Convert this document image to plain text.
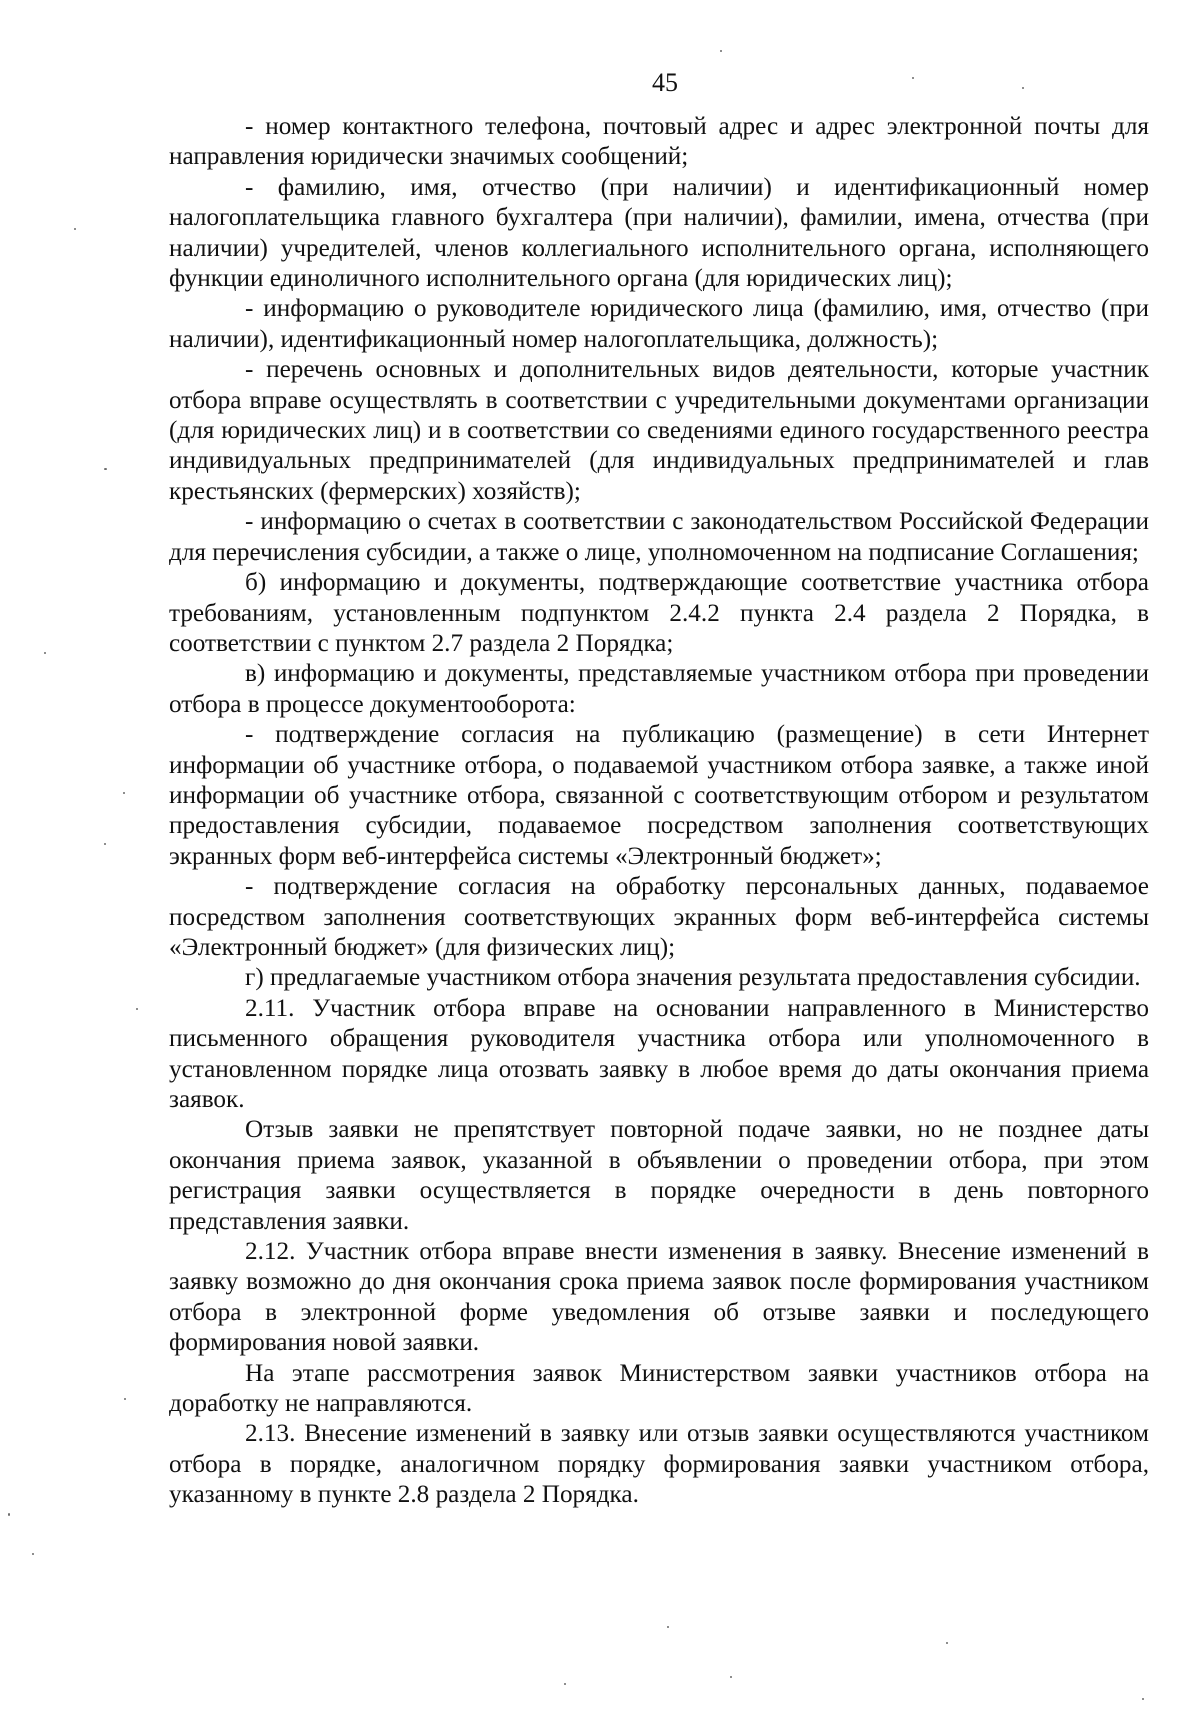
45

- номер контактного телефона, почтовый адрес и адрес электронной почты для направления юридически значимых сообщений;

- фамилию, имя, отчество (при наличии) и идентификационный номер налогоплательщика главного бухгалтера (при наличии), фамилии, имена, отчества (при наличии) учредителей, членов коллегиального исполнительного органа, исполняющего функции единоличного исполнительного органа (для юридических лиц);

- информацию о руководителе юридического лица (фамилию, имя, отчество (при наличии), идентификационный номер налогоплательщика, должность);

- перечень основных и дополнительных видов деятельности, которые участник отбора вправе осуществлять в соответствии с учредительными документами организации (для юридических лиц) и в соответствии со сведениями единого государственного реестра индивидуальных предпринимателей (для индивидуальных предпринимателей и глав крестьянских (фермерских) хозяйств);

- информацию о счетах в соответствии с законодательством Российской Федерации для перечисления субсидии, а также о лице, уполномоченном на подписание Соглашения;

б) информацию и документы, подтверждающие соответствие участника отбора требованиям, установленным подпунктом 2.4.2 пункта 2.4 раздела 2 Порядка, в соответствии с пунктом 2.7 раздела 2 Порядка;

в) информацию и документы, представляемые участником отбора при проведении отбора в процессе документооборота:

- подтверждение согласия на публикацию (размещение) в сети Интернет информации об участнике отбора, о подаваемой участником отбора заявке, а также иной информации об участнике отбора, связанной с соответствующим отбором и результатом предоставления субсидии, подаваемое посредством заполнения соответствующих экранных форм веб-интерфейса системы «Электронный бюджет»;

- подтверждение согласия на обработку персональных данных, подаваемое посредством заполнения соответствующих экранных форм веб-интерфейса системы «Электронный бюджет» (для физических лиц);

г) предлагаемые участником отбора значения результата предоставления субсидии.

2.11. Участник отбора вправе на основании направленного в Министерство письменного обращения руководителя участника отбора или уполномоченного в установленном порядке лица отозвать заявку в любое время до даты окончания приема заявок.

Отзыв заявки не препятствует повторной подаче заявки, но не позднее даты окончания приема заявок, указанной в объявлении о проведении отбора, при этом регистрация заявки осуществляется в порядке очередности в день повторного представления заявки.

2.12. Участник отбора вправе внести изменения в заявку. Внесение изменений в заявку возможно до дня окончания срока приема заявок после формирования участником отбора в электронной форме уведомления об отзыве заявки и последующего формирования новой заявки.

На этапе рассмотрения заявок Министерством заявки участников отбора на доработку не направляются.

2.13. Внесение изменений в заявку или отзыв заявки осуществляются участником отбора в порядке, аналогичном порядку формирования заявки участником отбора, указанному в пункте 2.8 раздела 2 Порядка.
